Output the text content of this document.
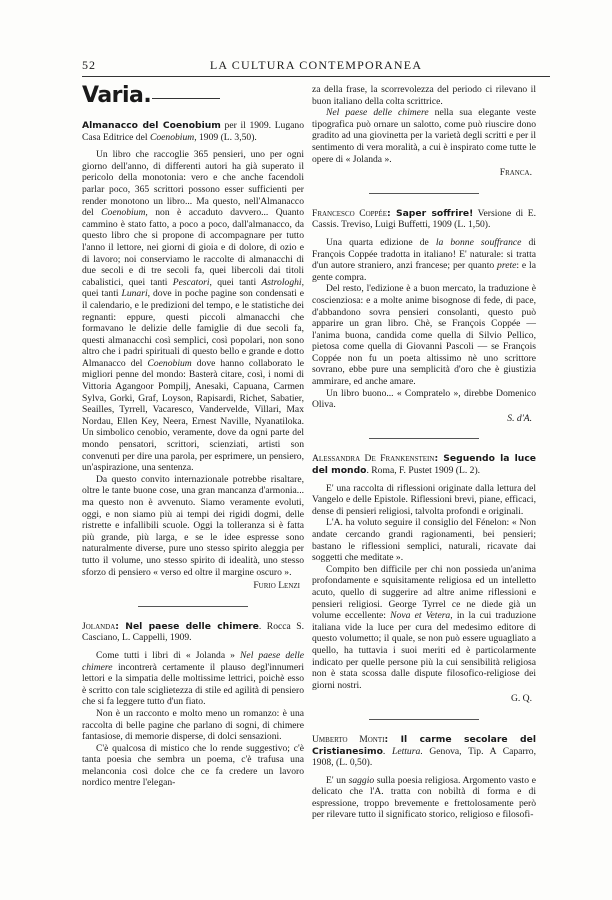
52	LA CULTURA CONTEMPORANEA
Varia.

Almanacco del Coenobium per il 1909. Lugano Casa Editrice del Coenobium, 1909 (L. 3,50).

Un libro che raccoglie 365 pensieri, uno per ogni giorno dell'anno, di differenti autori ha già superato il pericolo della monotonia: vero e che anche facendoli parlar poco, 365 scrittori possono esser sufficienti per render monotono un libro... Ma questo, nell'Almanacco del Coenobium, non è accaduto davvero... Quanto cammino è stato fatto, a poco a poco, dall'almanacco, da questo libro che si propone di accompagnare per tutto l'anno il lettore, nei giorni di gioia e di dolore, di ozio e di lavoro; noi conserviamo le raccolte di almanacchi di due secoli e di tre secoli fa, quei libercoli dai titoli cabalistici, quei tanti Pescatori, quei tanti Astrologhi, quei tanti Lunari, dove in poche pagine son condensati e il calendario, e le predizioni del tempo, e le statistiche dei regnanti: eppure, questi piccoli almanacchi che formavano le delizie delle famiglie di due secoli fa, questi almanacchi così semplici, così popolari, non sono altro che i padri spirituali di questo bello e grande e dotto Almanacco del Coenobium dove hanno collaborato le migliori penne del mondo: Basterà citare, così, i nomi di Vittoria Agangoor Pompilj, Anesaki, Capuana, Carmen Sylva, Gorki, Graf, Loyson, Rapisardi, Richet, Sabatier, Seailles, Tyrrell, Vacaresco, Vandervelde, Villari, Max Nordau, Ellen Key, Neera, Ernest Naville, Nyanatiloka. Un simbolico cenobio, veramente, dove da ogni parte del mondo pensatori, scrittori, scienziati, artisti son convenuti per dire una parola, per esprimere, un pensiero, un'aspirazione, una sentenza.

Da questo convito internazionale potrebbe risaltare, oltre le tante buone cose, una gran mancanza d'armonia... ma questo non è avvenuto. Siamo veramente evoluti, oggi, e non siamo più ai tempi dei rigidi dogmi, delle ristrette e infallibili scuole. Oggi la tolleranza si è fatta più grande, più larga, e se le idee espresse sono naturalmente diverse, pure uno stesso spirito aleggia per tutto il volume, uno stesso spirito di idealità, uno stesso sforzo di pensiero « verso ed oltre il margine oscuro ».

Furio Lenzi

Jolanda: Nel paese delle chimere. Rocca S. Casciano, L. Cappelli, 1909.

Come tutti i libri di « Jolanda » Nel paese delle chimere incontrerà certamente il plauso degl'innumeri lettori e la simpatia delle moltissime lettrici, poichè esso è scritto con tale sciglietezza di stile ed agilità di pensiero che si fa leggere tutto d'un fiato.

Non è un racconto e molto meno un romanzo: è una raccolta di belle pagine che parlano di sogni, di chimere fantasiose, di memorie disperse, di dolci sensazioni.

C'è qualcosa di mistico che lo rende suggestivo; c'è tanta poesia che sembra un poema, c'è trafusa una melanconia così dolce che ce fa credere un lavoro nordico mentre l'elegan-

za della frase, la scorrevolezza del periodo ci rilevano il buon italiano della colta scrittrice.

Nel paese delle chimere nella sua elegante veste tipografica può ornare un salotto, come può riuscire dono gradito ad una giovinetta per la varietà degli scritti e per il sentimento di vera moralità, a cui è inspirato come tutte le opere di « Jolanda ».

Franca.

Francesco Coppée: Saper soffrire! Versione di E. Cassis. Treviso, Luigi Buffetti, 1909 (L. 1,50).

Una quarta edizione de la bonne souffrance di François Coppée tradotta in italiano! E' naturale: si tratta d'un autore straniero, anzi francese; per quanto prete: e la gente compra.

Del resto, l'edizione è a buon mercato, la traduzione è coscienziosa: e a molte anime bisognose di fede, di pace, d'abbandono sovra pensieri consolanti, questo può apparire un gran libro. Chè, se François Coppée — l'anima buona, candida come quella di Silvio Pellico, pietosa come quella di Giovanni Pascoli — se François Coppée non fu un poeta altissimo nè uno scrittore sovrano, ebbe pure una semplicità d'oro che è giustizia ammirare, ed anche amare.

Un libro buono... « Compratelo », direbbe Domenico Oliva.

S. d'A.

Alessandra De Frankenstein: Seguendo la luce del mondo. Roma, F. Pustet 1909 (L. 2).

E' una raccolta di riflessioni originate dalla lettura del Vangelo e delle Epistole. Riflessioni brevi, piane, efficaci, dense di pensieri religiosi, talvolta profondi e originali.

L'A. ha voluto seguire il consiglio del Fénelon: « Non andate cercando grandi ragionamenti, bei pensieri; bastano le riflessioni semplici, naturali, ricavate dai soggetti che meditate ».

Compito ben difficile per chi non possieda un'anima profondamente e squisitamente religiosa ed un intelletto acuto, quello di suggerire ad altre anime riflessioni e pensieri religiosi. George Tyrrel ce ne diede già un volume eccellente: Nova et Vetera, in la cui traduzione italiana vide la luce per cura del medesimo editore di questo volumetto; il quale, se non può essere uguagliato a quello, ha tuttavia i suoi meriti ed è particolarmente indicato per quelle persone più la cui sensibilità religiosa non è stata scossa dalle dispute filosofico-religiose dei giorni nostri.

G. Q.

Umberto Monti: Il carme secolare del Cristianesimo. Lettura. Genova, Tip. A Caparro, 1908, (L. 0,50).

E' un saggio sulla poesia religiosa. Argomento vasto e delicato che l'A. tratta con nobiltà di forma e di espressione, troppo brevemente e frettolosamente però per rilevare tutto il significato storico, religioso e filosofi-
